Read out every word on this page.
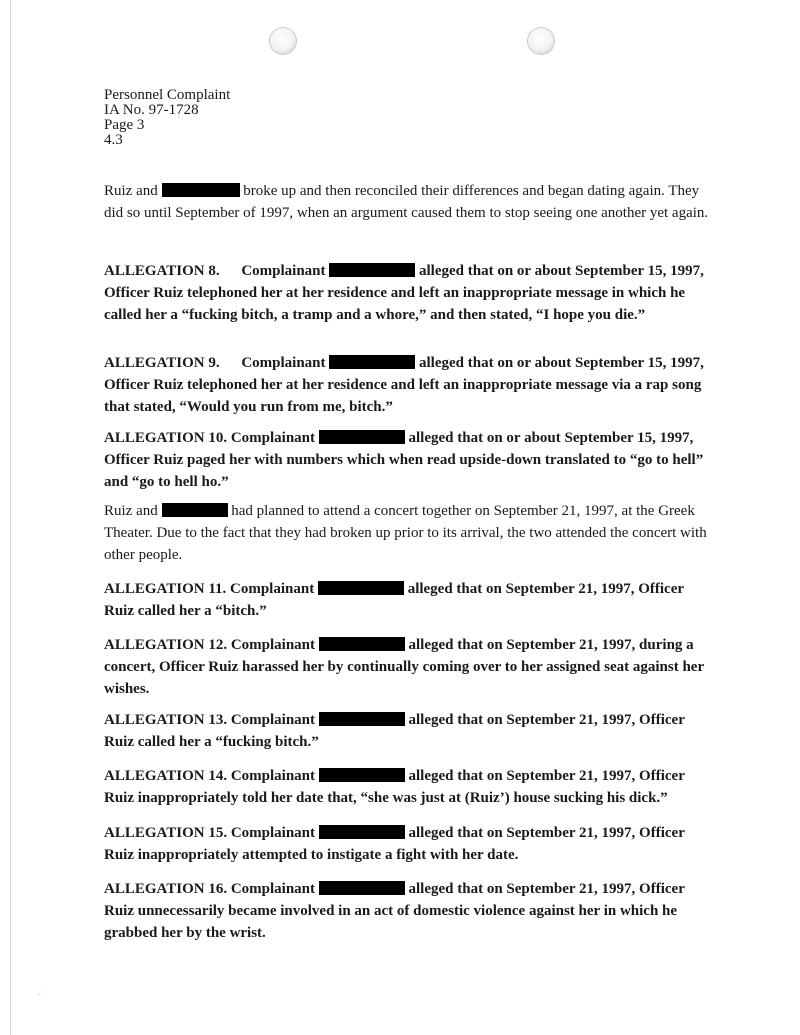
.·
Personnel Complaint
IA No. 97-1728
Page 3
4.3
Ruiz and	broke up and then reconciled their differences and began dating again. They did so until September of 1997, when an argument caused them to stop seeing one another yet again.
ALLEGATION 8. Complainant	alleged that on or about September 15, 1997, Officer Ruiz telephoned her at her residence and left an inappropriate message in which he called her a “fucking bitch, a tramp and a whore,” and then stated, “I hope you die.”
ALLEGATION 9. Complainant	alleged that on or about September 15, 1997, Officer Ruiz telephoned her at her residence and left an inappropriate message via a rap song that stated, “Would you run from me, bitch.”
ALLEGATION 10. Complainant	alleged that on or about September 15, 1997, Officer Ruiz paged her with numbers which when read upside-down translated to “go to hell” and “go to hell ho.”
Ruiz and	had planned to attend a concert together on September 21, 1997, at the Greek Theater. Due to the fact that they had broken up prior to its arrival, the two attended the concert with other people.
ALLEGATION 11. Complainant	alleged that on September 21, 1997, Officer Ruiz called her a “bitch.”
ALLEGATION 12. Complainant	alleged that on September 21, 1997, during a concert, Officer Ruiz harassed her by continually coming over to her assigned seat against her wishes.
ALLEGATION 13. Complainant	alleged that on September 21, 1997, Officer Ruiz called her a “fucking bitch.”
ALLEGATION 14. Complainant	alleged that on September 21, 1997, Officer Ruiz inappropriately told her date that, “she was just at (Ruiz’) house sucking his dick.”
ALLEGATION 15. Complainant	alleged that on September 21, 1997, Officer Ruiz inappropriately attempted to instigate a fight with her date.
ALLEGATION 16. Complainant	alleged that on September 21, 1997, Officer Ruiz unnecessarily became involved in an act of domestic violence against her in which he grabbed her by the wrist.
